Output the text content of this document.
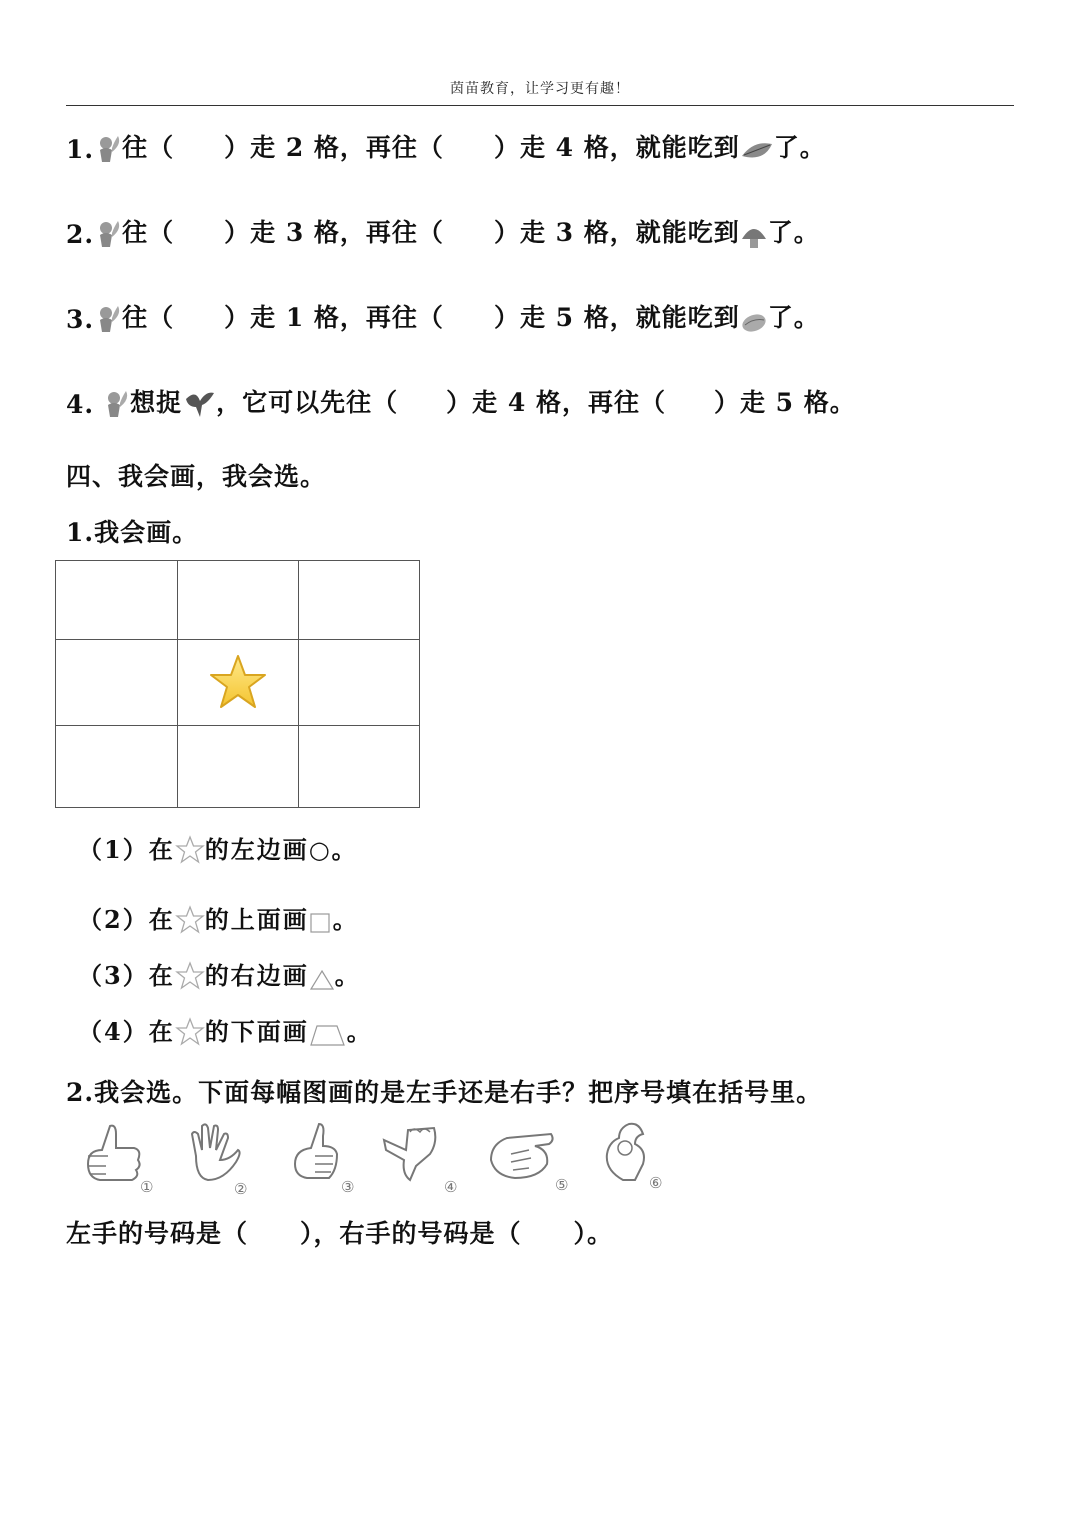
茵苗教育，让学习更有趣！
1. 往（ ）走 2 格，再往（ ）走 4 格，就能吃到 了。
2. 往（ ）走 3 格，再往（ ）走 3 格，就能吃到 了。
3. 往（ ）走 1 格，再往（ ）走 5 格，就能吃到 了。
4. 想捉 ，它可以先往（ ）走 4 格，再往（ ）走 5 格。
四、我会画，我会选。
1.我会画。
（1）在 的左边画○。
（2）在 的上面画 。
（3）在 的右边画 。
（4）在 的下面画 。
2.我会选。下面每幅图画的是左手还是右手？把序号填在括号里。
①	②	③	④	⑤	⑥
左手的号码是（ ），右手的号码是（ ）。
